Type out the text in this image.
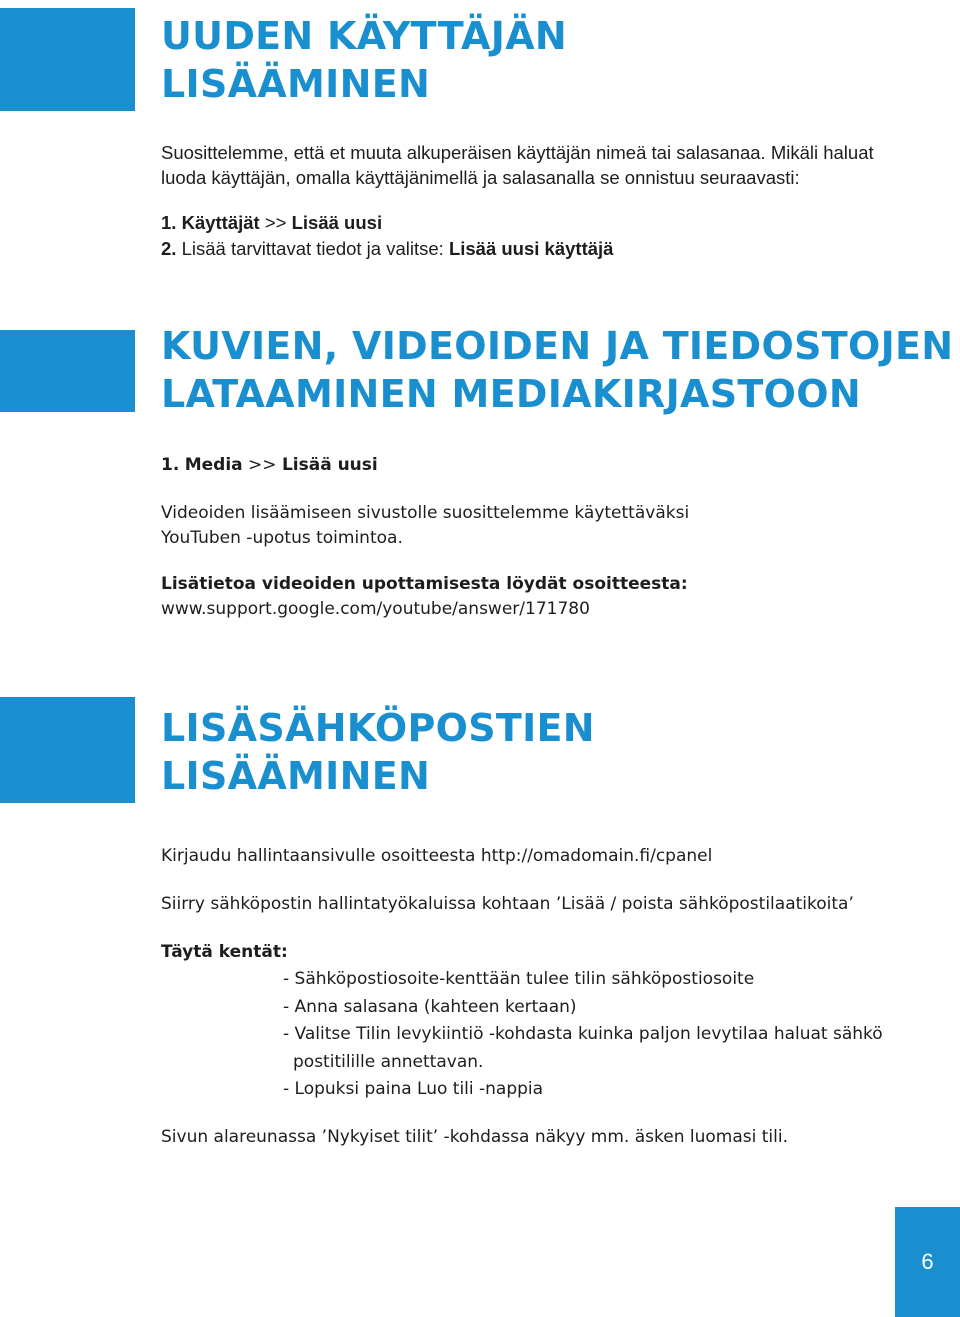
UUDEN KÄYTTÄJÄN
LISÄÄMINEN

Suosittelemme, että et muuta alkuperäisen käyttäjän nimeä tai salasanaa. Mikäli haluat
luoda käyttäjän, omalla käyttäjänimellä ja salasanalla se onnistuu seuraavasti:

1. Käyttäjät >> Lisää uusi

2. Lisää tarvittavat tiedot ja valitse: Lisää uusi käyttäjä

KUVIEN, VIDEOIDEN JA TIEDOSTOJEN
LATAAMINEN MEDIAKIRJASTOON

1. Media >> Lisää uusi

Videoiden lisäämiseen sivustolle suosittelemme käytettäväksi
YouTuben -upotus toimintoa.

Lisätietoa videoiden upottamisesta löydät osoitteesta:
www.support.google.com/youtube/answer/171780

LISÄSÄHKÖPOSTIEN
LISÄÄMINEN

Kirjaudu hallintaansivulle osoitteesta http://omadomain.fi/cpanel

Siirry sähköpostin hallintatyökaluissa kohtaan ’Lisää / poista sähköpostilaatikoita’

Täytä kentät:

- Sähköpostiosoite-kenttään tulee tilin sähköpostiosoite
- Anna salasana (kahteen kertaan)
- Valitse Tilin levykiintiö -kohdasta kuinka paljon levytilaa haluat sähkö postitilille annettavan.
- Lopuksi paina Luo tili -nappia

Sivun alareunassa ’Nykyiset tilit’ -kohdassa näkyy mm. äsken luomasi tili.

6
